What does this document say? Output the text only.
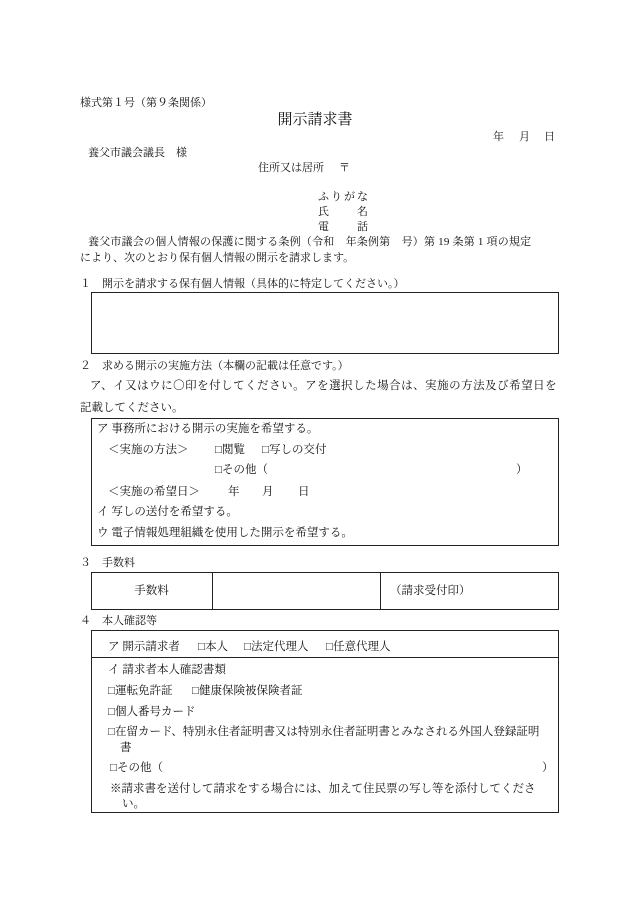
様式第１号（第９条関係）
開示請求書
年 月 日
養父市議会議長　様
住所又は居所 〒
ふりがな
氏　　名
電　　話
養父市議会の個人情報の保護に関する条例（令和　年条例第　号）第 19 条第 1 項の規定
により、次のとおり保有個人情報の開示を請求します。
１　開示を請求する保有個人情報（具体的に特定してください。）
２　求める開示の実施方法（本欄の記載は任意です。）
ア、イ又はウに〇印を付してください。アを選択した場合は、実施の方法及び希望日を
記載してください。
ア 事務所における開示の実施を希望する。
＜実施の方法＞ □閲覧 □写しの交付
□その他（	）
＜実施の希望日＞ 年 月 日
イ 写しの送付を希望する。
ウ 電子情報処理組織を使用した開示を希望する。
３　手数料
手数料	（請求受付印）
４　本人確認等
ア 開示請求者 □本人 □法定代理人 □任意代理人
イ 請求者本人確認書類
□運転免許証 □健康保険被保険者証
□個人番号カード
□在留カード、特別永住者証明書又は特別永住者証明書とみなされる外国人登録証明
書
□その他（	）
※請求書を送付して請求をする場合には、加えて住民票の写し等を添付してくださ
い。
